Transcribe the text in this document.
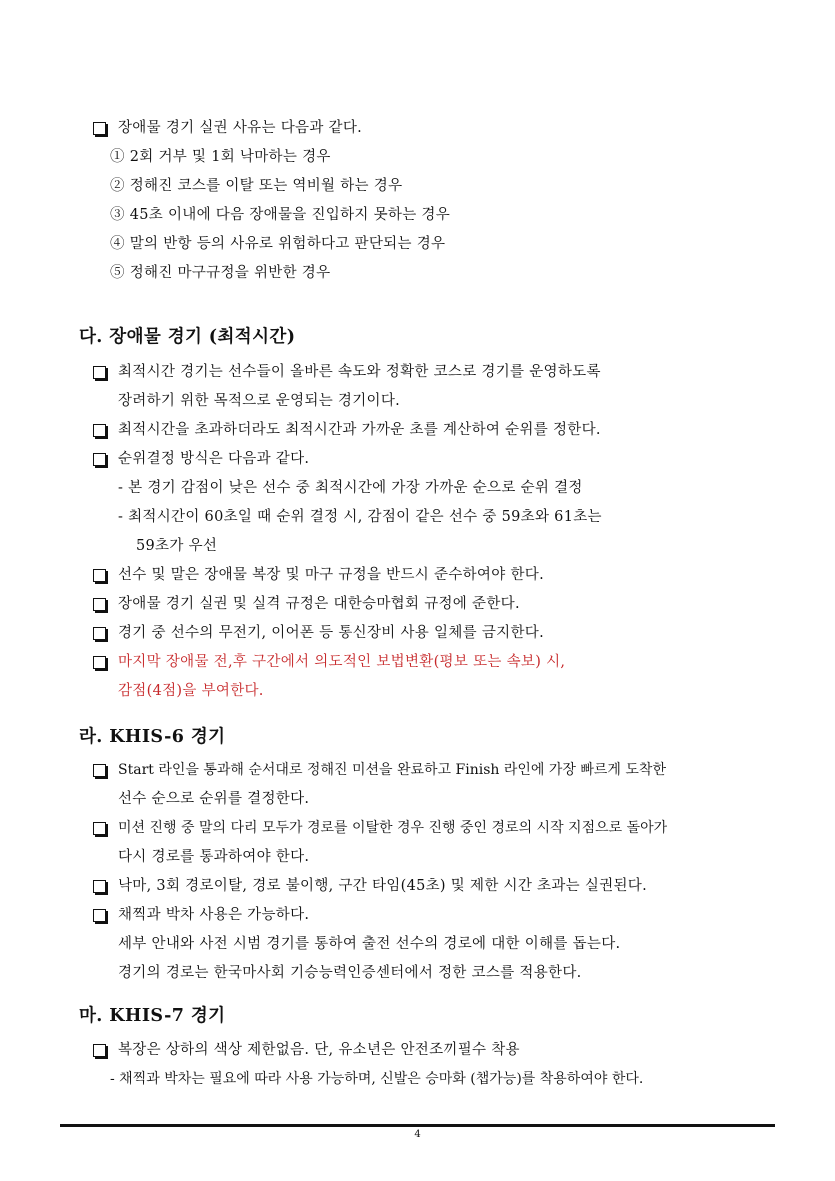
장애물 경기 실권 사유는 다음과 같다.
① 2회 거부 및 1회 낙마하는 경우
② 정해진 코스를 이탈 또는 역비월 하는 경우
③ 45초 이내에 다음 장애물을 진입하지 못하는 경우
④ 말의 반항 등의 사유로 위험하다고 판단되는 경우
⑤ 정해진 마구규정을 위반한 경우
다. 장애물 경기 (최적시간)
최적시간 경기는 선수들이 올바른 속도와 정확한 코스로 경기를 운영하도록
장려하기 위한 목적으로 운영되는 경기이다.
최적시간을 초과하더라도 최적시간과 가까운 초를 계산하여 순위를 정한다.
순위결정 방식은 다음과 같다.
- 본 경기 감점이 낮은 선수 중 최적시간에 가장 가까운 순으로 순위 결정
- 최적시간이 60초일 때 순위 결정 시, 감점이 같은 선수 중 59초와 61초는
59초가 우선
선수 및 말은 장애물 복장 및 마구 규정을 반드시 준수하여야 한다.
장애물 경기 실권 및 실격 규정은 대한승마협회 규정에 준한다.
경기 중 선수의 무전기, 이어폰 등 통신장비 사용 일체를 금지한다.
마지막 장애물 전,후 구간에서 의도적인 보법변환(평보 또는 속보) 시,
감점(4점)을 부여한다.
라. KHIS-6 경기
Start 라인을 통과해 순서대로 정해진 미션을 완료하고 Finish 라인에 가장 빠르게 도착한
선수 순으로 순위를 결정한다.
미션 진행 중 말의 다리 모두가 경로를 이탈한 경우 진행 중인 경로의 시작 지점으로 돌아가
다시 경로를 통과하여야 한다.
낙마, 3회 경로이탈, 경로 불이행, 구간 타임(45초) 및 제한 시간 초과는 실권된다.
채찍과 박차 사용은 가능하다.
세부 안내와 사전 시범 경기를 통하여 출전 선수의 경로에 대한 이해를 돕는다.
경기의 경로는 한국마사회 기승능력인증센터에서 정한 코스를 적용한다.
마. KHIS-7 경기
복장은 상하의 색상 제한없음. 단, 유소년은 안전조끼필수 착용
- 채찍과 박차는 필요에 따라 사용 가능하며, 신발은 승마화 (챕가능)를 착용하여야 한다.
4
